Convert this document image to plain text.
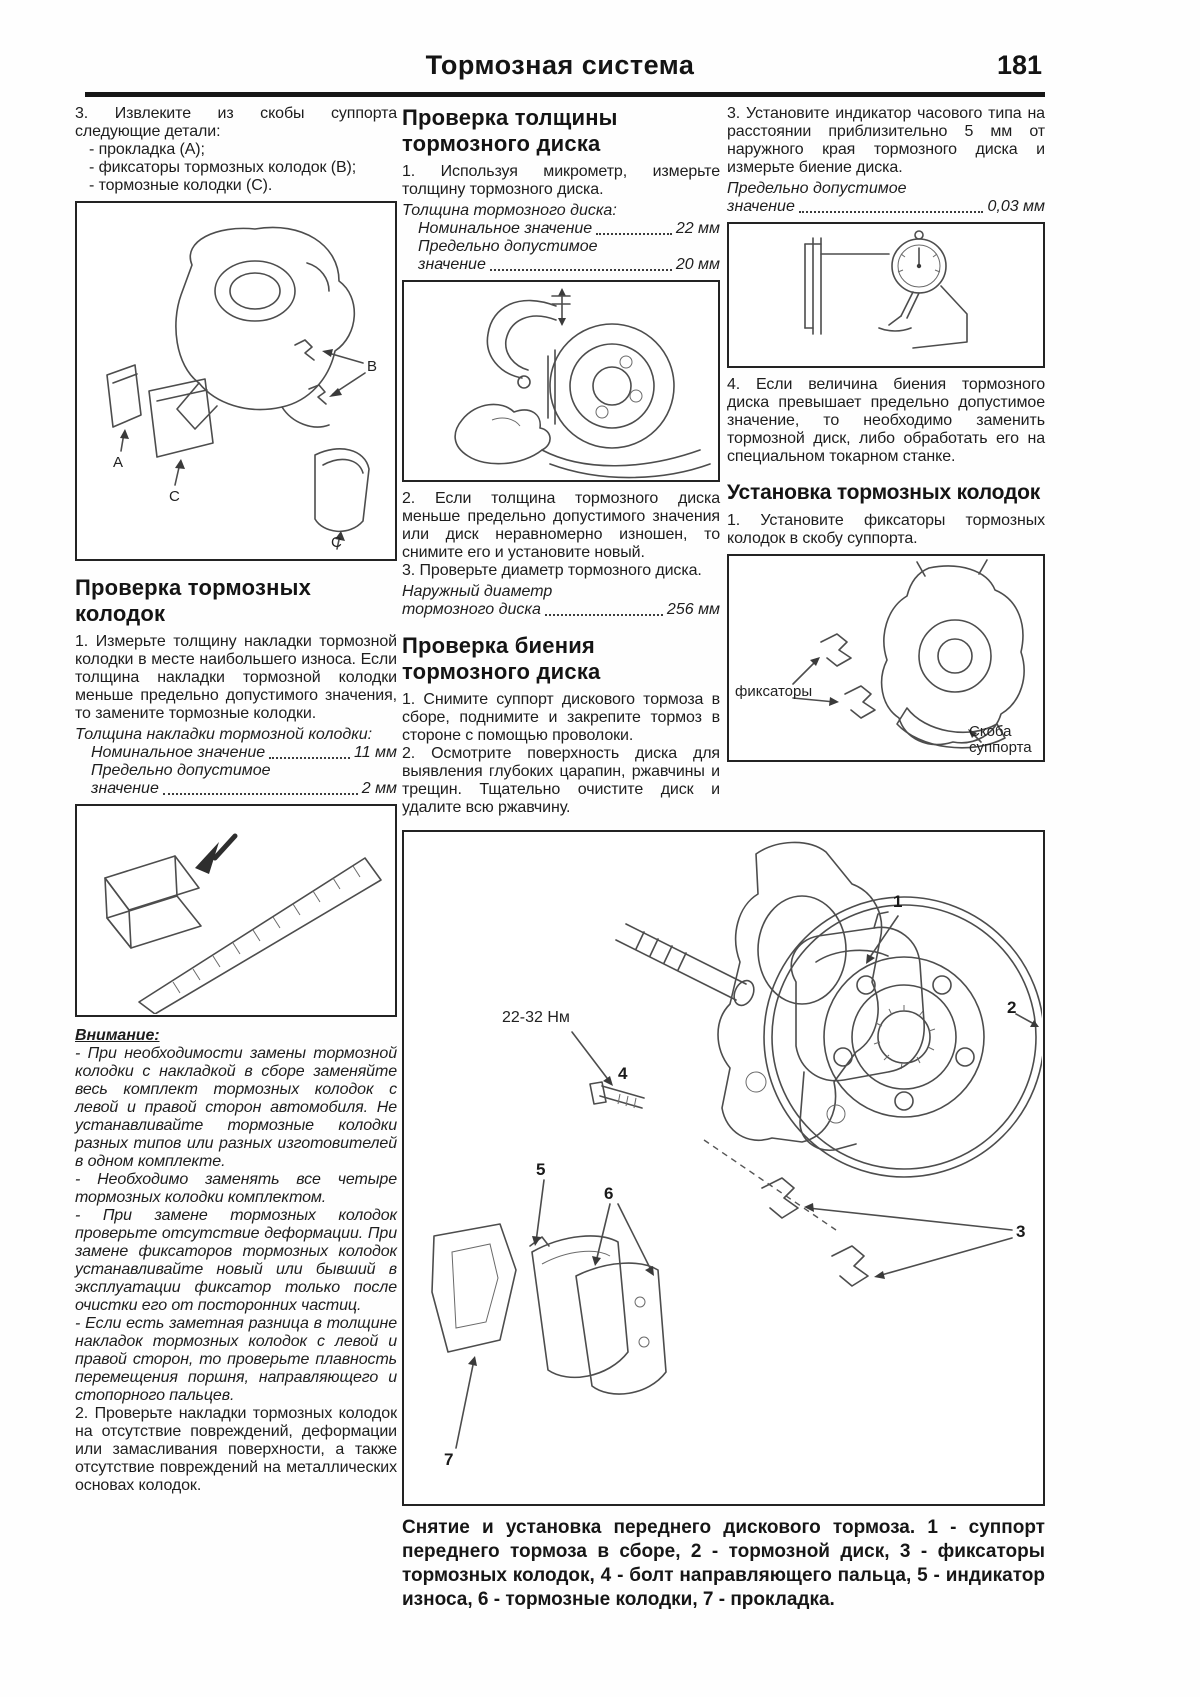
Тормозная система	181

3. Извлеките из скобы суппорта следующие детали:

- прокладка (А);

- фиксаторы тормозных колодок (В);

- тормозные колодки (С).

А
В
С
С
Проверка тормозных колодок

1. Измерьте толщину накладки тормозной колодки в месте наибольшего износа. Если толщина накладки тормозной колодки меньше предельно допустимого значения, то замените тормозные колодки.

Толщина накладки тормозной колодки:

Номинальное значение	11 мм

Предельно допустимое

значение	2 мм

Внимание:

- При необходимости замены тормозной колодки с накладкой в сборе заменяйте весь комплект тормозных колодок с левой и правой сторон автомобиля. Не устанавливайте тормозные колодки разных типов или разных изготовителей в одном комплекте.

- Необходимо заменять все четыре тормозных колодки комплектом.

- При замене тормозных колодок проверьте отсутствие деформации. При замене фиксаторов тормозных колодок устанавливайте новый или бывший в эксплуатации фиксатор только после очистки его от посторонних частиц.

- Если есть заметная разница в толщине накладок тормозных колодок с левой и правой сторон, то проверьте плавность перемещения поршня, направляющего и стопорного пальцев.

2. Проверьте накладки тормозных колодок на отсутствие повреждений, деформации или замасливания поверхности, а также отсутствие повреждений на металлических основах колодок.

Проверка толщины тормозного диска

1. Используя микрометр, измерьте толщину тормозного диска.

Толщина тормозного диска:

Номинальное значение	22 мм

Предельно допустимое

значение	20 мм

2. Если толщина тормозного диска меньше предельно допустимого значения или диск неравномерно изношен, то снимите его и установите новый.

3. Проверьте диаметр тормозного диска.

Наружный диаметр

тормозного диска	256 мм
Проверка биения тормозного диска

1. Снимите суппорт дискового тормоза в сборе, поднимите и закрепите тормоз в стороне с помощью проволоки.

2. Осмотрите поверхность диска для выявления глубоких царапин, ржавчины и трещин. Тщательно очистите диск и удалите всю ржавчину.

3. Установите индикатор часового типа на расстоянии приблизительно 5 мм от наружного края тормозного диска и измерьте биение диска.

Предельно допустимое

значение	0,03 мм

4. Если величина биения тормозного диска превышает предельно допустимое значение, то необходимо заменить тормозной диск, либо обработать его на специальном токарном станке.

Установка тормозных колодок

1. Установите фиксаторы тормозных колодок в скобу суппорта.

фиксаторы
Скоба суппорта
22-32 Нм
1
2
3
4
5
6
7

Снятие и установка переднего дискового тормоза. 1 - суппорт переднего тормоза в сборе, 2 - тормозной диск, 3 - фиксаторы тормозных колодок, 4 - болт направляющего пальца, 5 - индикатор износа, 6 - тормозные колодки, 7 - прокладка.
